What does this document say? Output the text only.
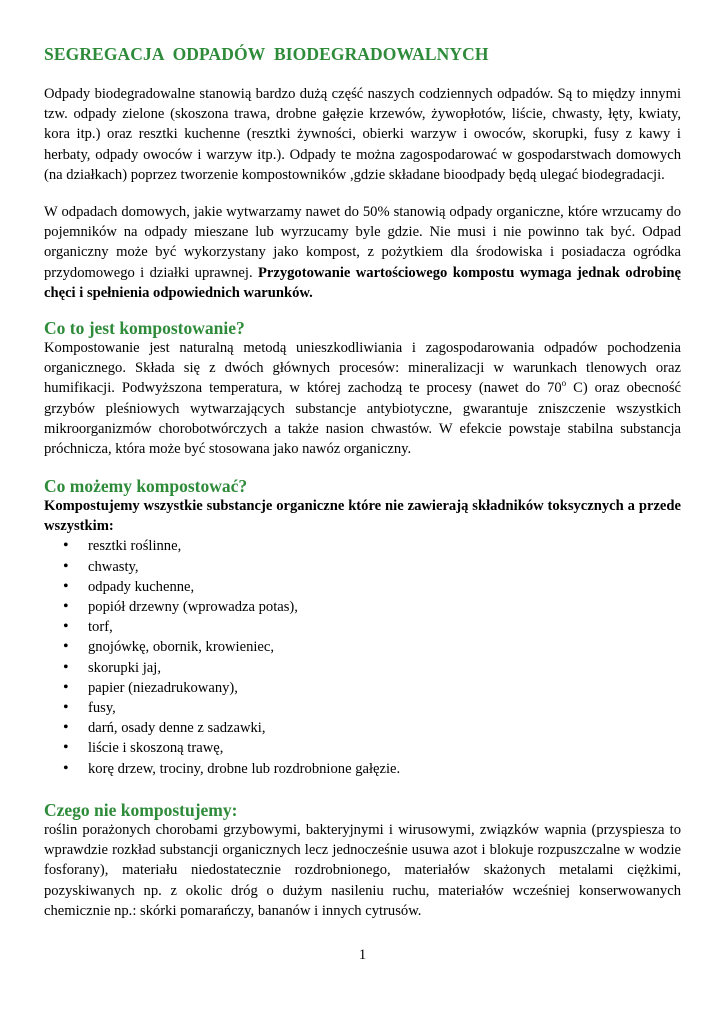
SEGREGACJA  ODPADÓW  BIODEGRADOWALNYCH

Odpady biodegradowalne stanowią bardzo dużą część naszych codziennych odpadów. Są to między innymi tzw. odpady zielone (skoszona trawa, drobne gałęzie krzewów, żywopłotów, liście, chwasty, łęty, kwiaty, kora itp.) oraz resztki kuchenne (resztki żywności, obierki warzyw i owoców, skorupki, fusy z kawy i herbaty, odpady owoców i warzyw itp.). Odpady te można zagospodarować w gospodarstwach domowych (na działkach) poprzez tworzenie kompostowników ,gdzie składane bioodpady będą ulegać biodegradacji.

W odpadach domowych, jakie wytwarzamy nawet do 50% stanowią odpady organiczne, które wrzucamy do pojemników na odpady mieszane lub wyrzucamy byle gdzie. Nie musi i nie powinno tak być. Odpad organiczny może być wykorzystany jako kompost, z pożytkiem dla środowiska i posiadacza ogródka przydomowego i działki uprawnej. Przygotowanie wartościowego kompostu wymaga jednak odrobinę chęci i spełnienia odpowiednich warunków.

Co to jest kompostowanie?

Kompostowanie jest naturalną metodą unieszkodliwiania i zagospodarowania odpadów pochodzenia organicznego. Składa się z dwóch głównych procesów: mineralizacji w warunkach tlenowych oraz humifikacji. Podwyższona temperatura, w której zachodzą te procesy (nawet do 70$^o$ C) oraz obecność grzybów pleśniowych wytwarzających substancje antybiotyczne, gwarantuje zniszczenie wszystkich mikroorganizmów chorobotwórczych a także nasion chwastów. W efekcie powstaje stabilna substancja próchnicza, która może być stosowana jako nawóz organiczny.

Co możemy kompostować?

Kompostujemy wszystkie substancje organiczne które nie zawierają składników toksycznych a przede wszystkim:

• resztki roślinne,
• chwasty,
• odpady kuchenne,
• popiół drzewny (wprowadza potas),
• torf,
• gnojówkę, obornik, krowieniec,
• skorupki jaj,
• papier (niezadrukowany),
• fusy,
• darń, osady denne z sadzawki,
• liście i skoszoną trawę,
• korę drzew, trociny, drobne lub rozdrobnione gałęzie.
Czego nie kompostujemy:

roślin porażonych chorobami grzybowymi, bakteryjnymi i wirusowymi, związków wapnia (przyspiesza to wprawdzie rozkład substancji organicznych lecz jednocześnie usuwa azot i blokuje rozpuszczalne w wodzie fosforany), materiału niedostatecznie rozdrobnionego, materiałów skażonych metalami ciężkimi, pozyskiwanych np. z okolic dróg o dużym nasileniu ruchu, materiałów wcześniej konserwowanych chemicznie np.: skórki pomarańczy, bananów i innych cytrusów.

1
